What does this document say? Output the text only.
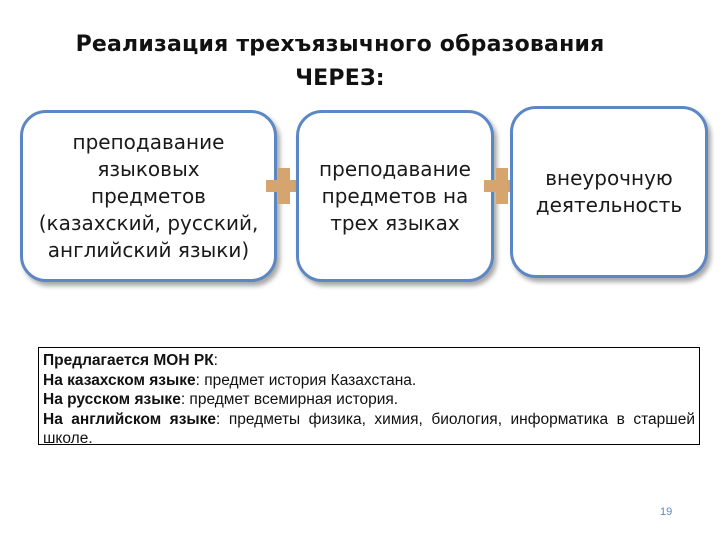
Реализация трехъязычного образования
ЧЕРЕЗ:
преподавание
языковых
предметов
(казахский, русский,
английский языки)
преподавание
предметов на
трех языках
внеурочную
деятельность
Предлагается МОН РК:
На казахском языке: предмет история Казахстана.
На русском языке: предмет всемирная история.
На английском языке: предметы физика, химия, биология, информатика в старшей школе.
19
